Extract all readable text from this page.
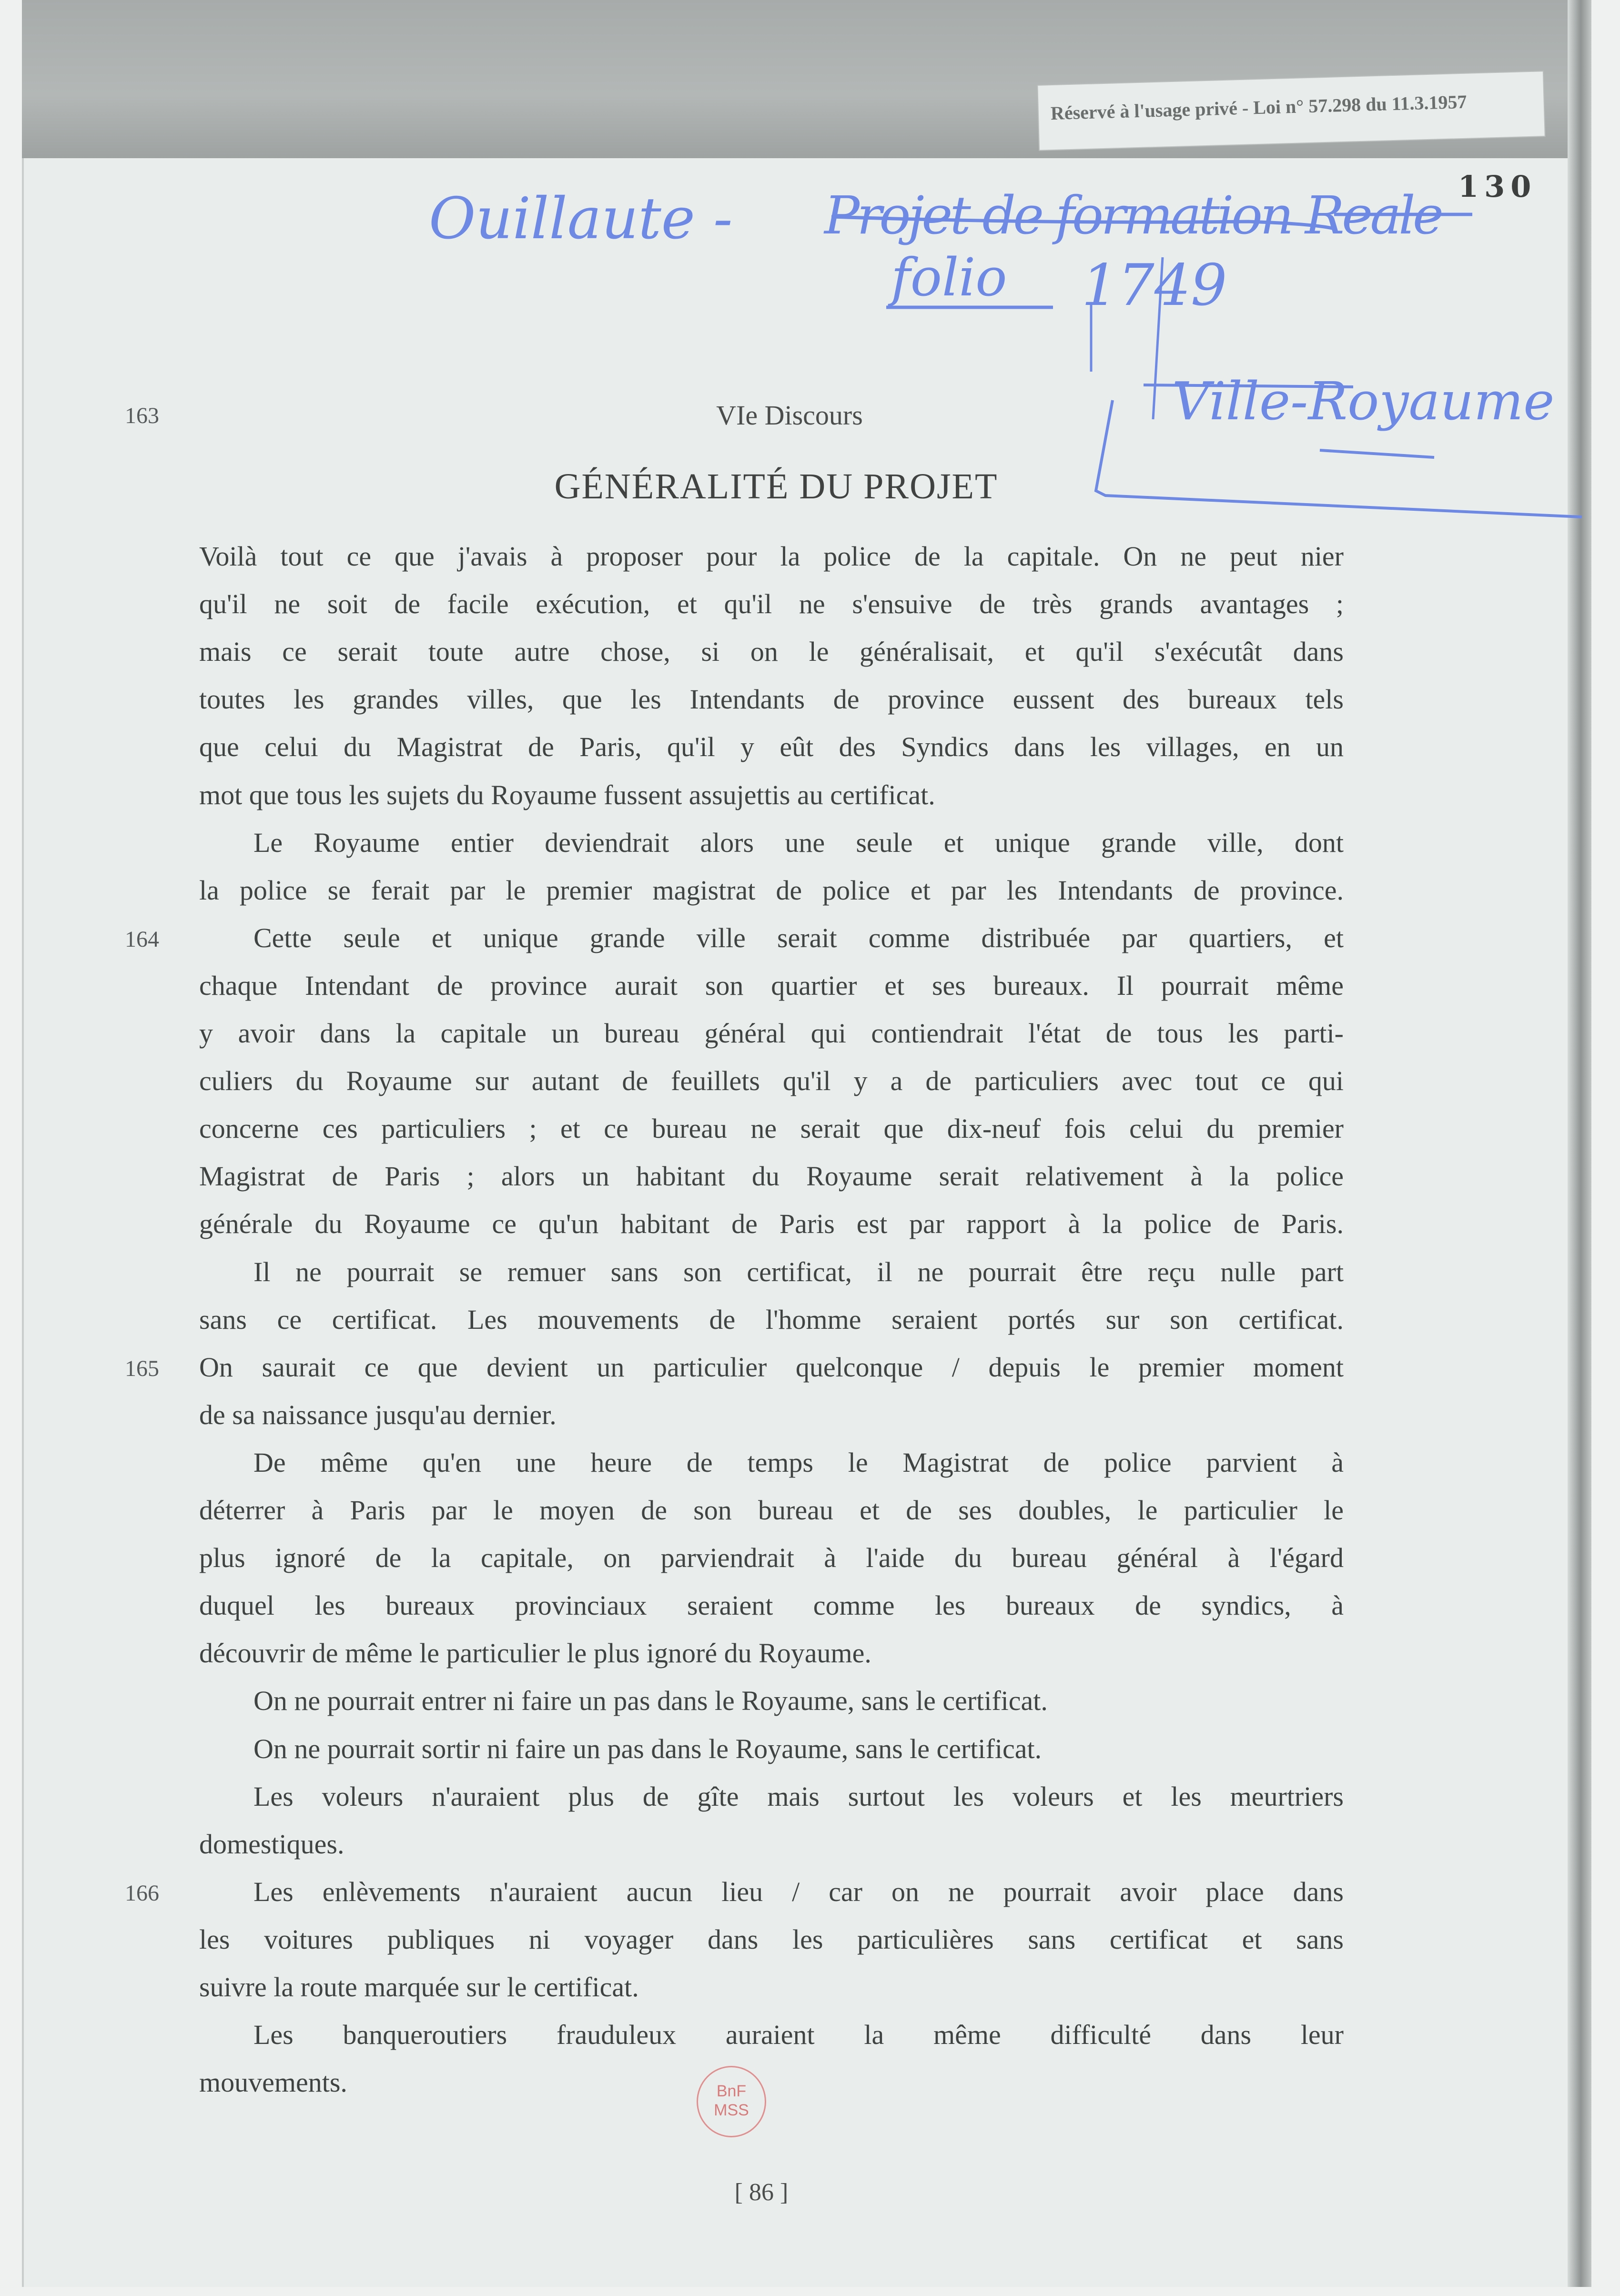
Réservé à l'usage privé - Loi n° 57.298 du 11.3.1957
130
Ouillaute - Projet de formation Reale
folio 1749
Ville-Royaume
163	VIe Discours
GÉNÉRALITÉ DU PROJET
Voilà tout ce que j'avais à proposer pour la police de la capitale. On ne peut nier
qu'il ne soit de facile exécution, et qu'il ne s'ensuive de très grands avantages ;
mais ce serait toute autre chose, si on le généralisait, et qu'il s'exécutât dans
toutes les grandes villes, que les Intendants de province eussent des bureaux tels
que celui du Magistrat de Paris, qu'il y eût des Syndics dans les villages, en un
mot que tous les sujets du Royaume fussent assujettis au certificat.
Le Royaume entier deviendrait alors une seule et unique grande ville, dont
la police se ferait par le premier magistrat de police et par les Intendants de province.
Cette seule et unique grande ville serait comme distribuée par quartiers, et
chaque Intendant de province aurait son quartier et ses bureaux. Il pourrait même
y avoir dans la capitale un bureau général qui contiendrait l'état de tous les parti-
culiers du Royaume sur autant de feuillets qu'il y a de particuliers avec tout ce qui
concerne ces particuliers ; et ce bureau ne serait que dix-neuf fois celui du premier
Magistrat de Paris ; alors un habitant du Royaume serait relativement à la police
générale du Royaume ce qu'un habitant de Paris est par rapport à la police de Paris.
Il ne pourrait se remuer sans son certificat, il ne pourrait être reçu nulle part
sans ce certificat. Les mouvements de l'homme seraient portés sur son certificat.
On saurait ce que devient un particulier quelconque / depuis le premier moment
de sa naissance jusqu'au dernier.
De même qu'en une heure de temps le Magistrat de police parvient à
déterrer à Paris par le moyen de son bureau et de ses doubles, le particulier le
plus ignoré de la capitale, on parviendrait à l'aide du bureau général à l'égard
duquel les bureaux provinciaux seraient comme les bureaux de syndics, à
découvrir de même le particulier le plus ignoré du Royaume.
On ne pourrait entrer ni faire un pas dans le Royaume, sans le certificat.
On ne pourrait sortir ni faire un pas dans le Royaume, sans le certificat.
Les voleurs n'auraient plus de gîte mais surtout les voleurs et les meurtriers
domestiques.
Les enlèvements n'auraient aucun lieu / car on ne pourrait avoir place dans
les voitures publiques ni voyager dans les particulières sans certificat et sans
suivre la route marquée sur le certificat.
Les banqueroutiers frauduleux auraient la même difficulté dans leur
mouvements.
164
165
166
BnF
MSS
[ 86 ]
